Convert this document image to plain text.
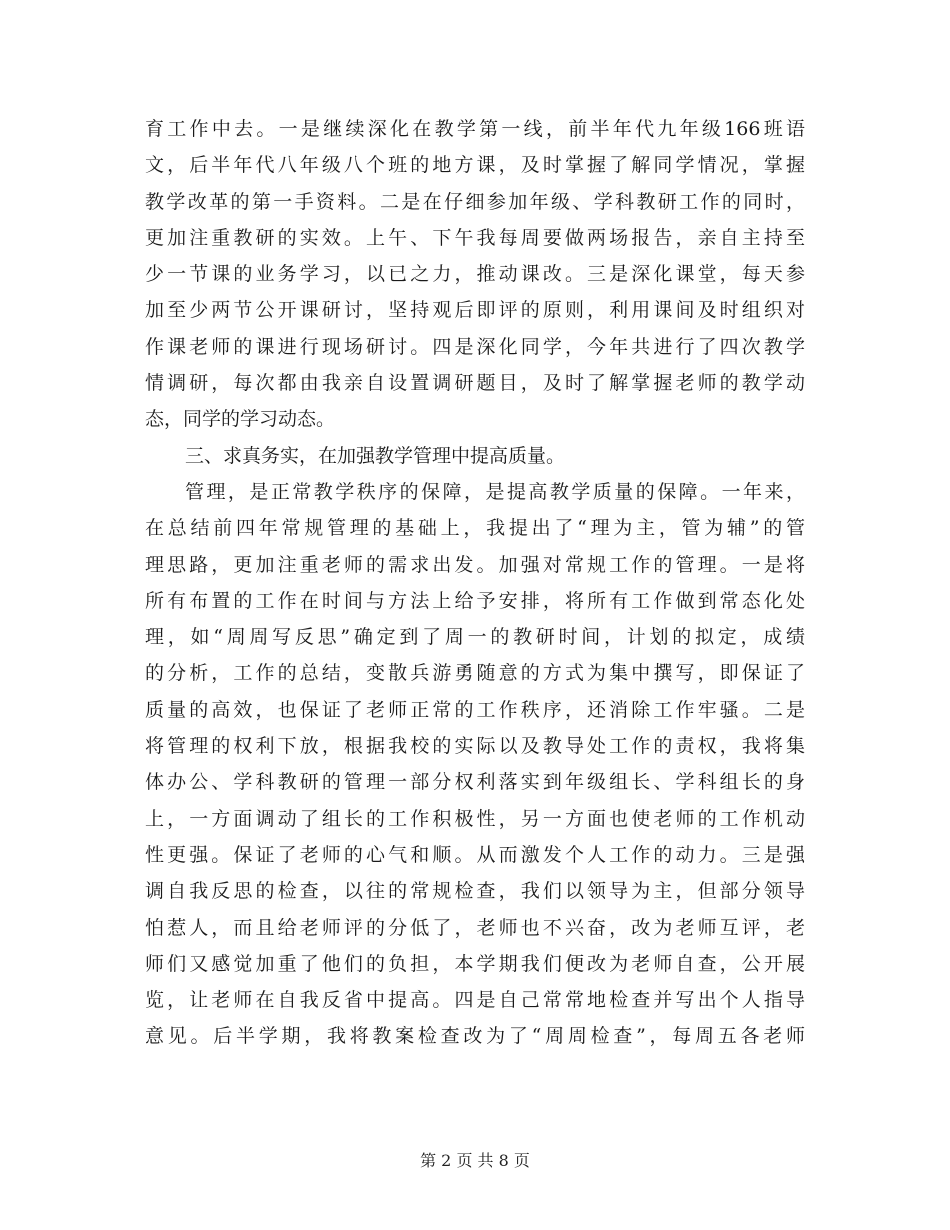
育工作中去。一是继续深化在教学第一线，前半年代九年级166班语
文，后半年代八年级八个班的地方课，及时掌握了解同学情况，掌握
教学改革的第一手资料。二是在仔细参加年级、学科教研工作的同时，
更加注重教研的实效。上午、下午我每周要做两场报告，亲自主持至
少一节课的业务学习，以已之力，推动课改。三是深化课堂，每天参
加至少两节公开课研讨，坚持观后即评的原则，利用课间及时组织对
作课老师的课进行现场研讨。四是深化同学，今年共进行了四次教学
情调研，每次都由我亲自设置调研题目，及时了解掌握老师的教学动
态，同学的学习动态。
三、求真务实，在加强教学管理中提高质量。
管理，是正常教学秩序的保障，是提高教学质量的保障。一年来，
在总结前四年常规管理的基础上，我提出了“理为主，管为辅”的管
理思路，更加注重老师的需求出发。加强对常规工作的管理。一是将
所有布置的工作在时间与方法上给予安排，将所有工作做到常态化处
理，如“周周写反思”确定到了周一的教研时间，计划的拟定，成绩
的分析，工作的总结，变散兵游勇随意的方式为集中撰写，即保证了
质量的高效，也保证了老师正常的工作秩序，还消除工作牢骚。二是
将管理的权利下放，根据我校的实际以及教导处工作的责权，我将集
体办公、学科教研的管理一部分权利落实到年级组长、学科组长的身
上，一方面调动了组长的工作积极性，另一方面也使老师的工作机动
性更强。保证了老师的心气和顺。从而激发个人工作的动力。三是强
调自我反思的检查，以往的常规检查，我们以领导为主，但部分领导
怕惹人，而且给老师评的分低了，老师也不兴奋，改为老师互评，老
师们又感觉加重了他们的负担，本学期我们便改为老师自查，公开展
览，让老师在自我反省中提高。四是自己常常地检查并写出个人指导
意见。后半学期，我将教案检查改为了“周周检查”，每周五各老师
第 2 页 共 8 页
